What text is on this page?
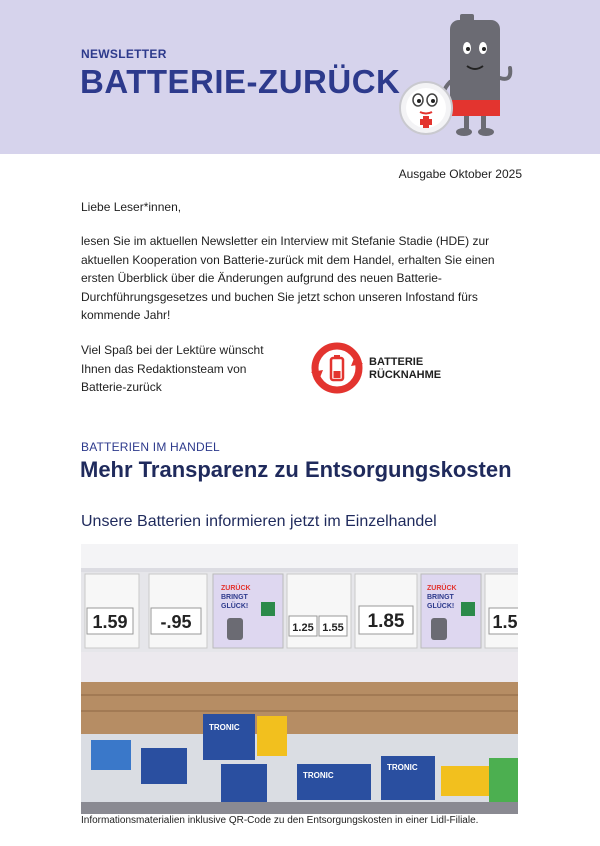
NEWSLETTER
BATTERIE-ZURÜCK
Ausgabe Oktober 2025
Liebe Leser*innen,
lesen Sie im aktuellen Newsletter ein Interview mit Stefanie Stadie (HDE) zur aktuellen Kooperation von Batterie-zurück mit dem Handel, erhalten Sie einen ersten Überblick über die Änderungen aufgrund des neuen Batterie-Durchführungsgesetzes und buchen Sie jetzt schon unseren Infostand fürs kommende Jahr!
Viel Spaß bei der Lektüre wünscht Ihnen das Redaktionsteam von Batterie-zurück
BATTERIE
RÜCKNAHME
BATTERIEN IM HANDEL
Mehr Transparenz zu Entsorgungskosten
Unsere Batterien informieren jetzt im Einzelhandel
1.59 -.95
ZURÜCK
BRINGT
GLÜCK!
1.25 1.55 1.85
ZURÜCK
BRINGT
GLÜCK!
1.5
TRONIC
TRONIC
TRONIC
Informationsmaterialien inklusive QR-Code zu den Entsorgungskosten in einer Lidl-Filiale.
